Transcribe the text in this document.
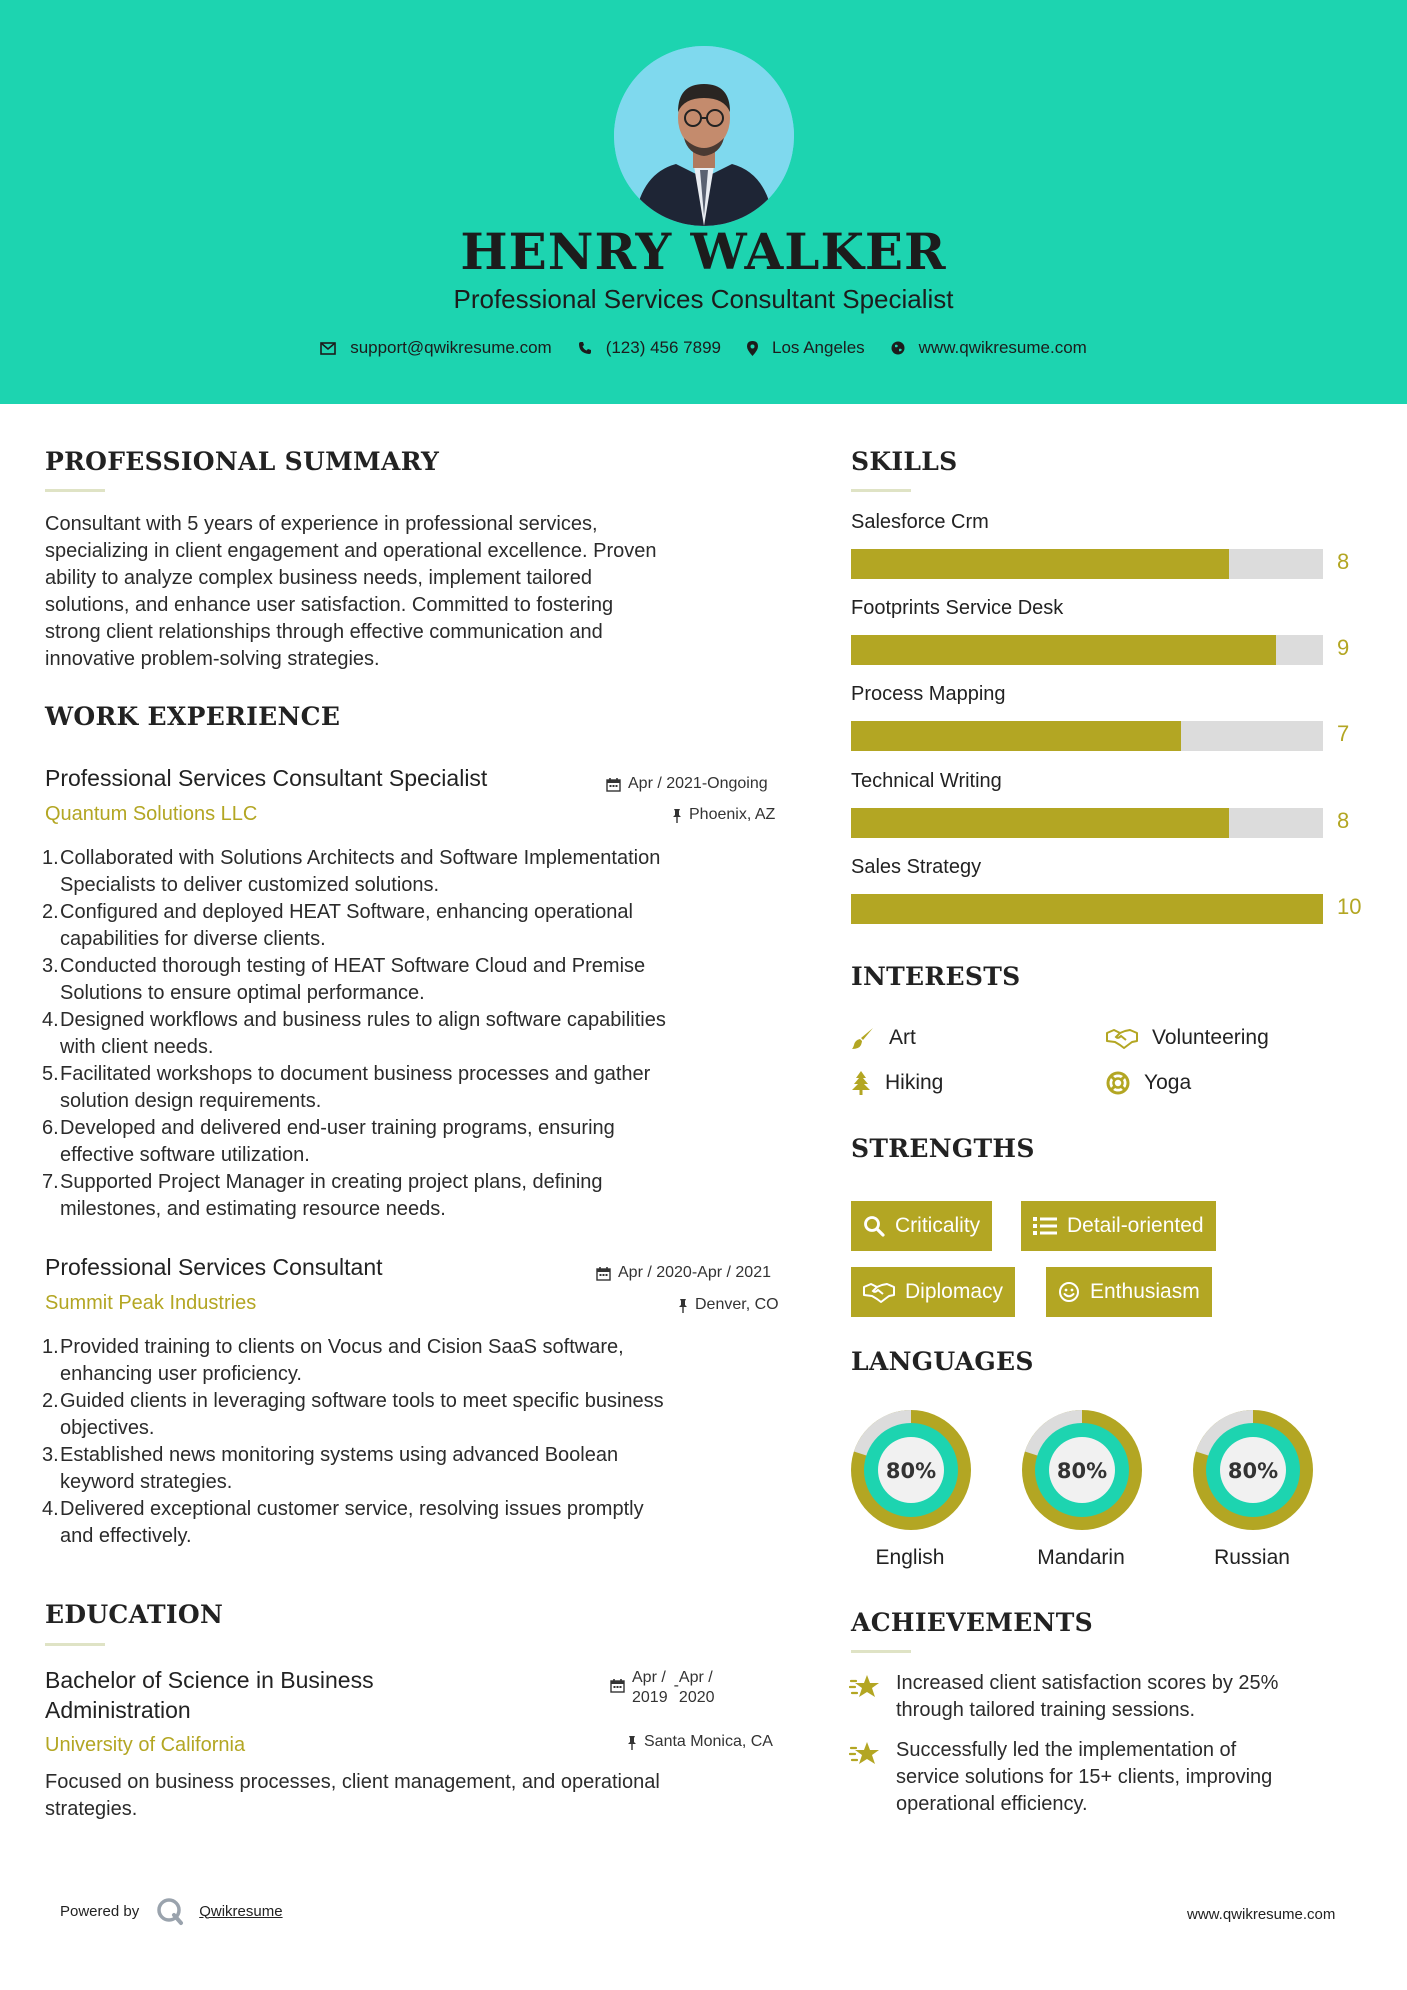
HENRY WALKER
Professional Services Consultant Specialist
support@qwikresume.com	(123) 456 7899	Los Angeles	www.qwikresume.com
PROFESSIONAL SUMMARY
Consultant with 5 years of experience in professional services,
specializing in client engagement and operational excellence. Proven
ability to analyze complex business needs, implement tailored
solutions, and enhance user satisfaction. Committed to fostering
strong client relationships through effective communication and
innovative problem-solving strategies.
WORK EXPERIENCE
Professional Services Consultant Specialist
Quantum Solutions LLC
Apr / 2021-Ongoing
Phoenix, AZ
1. Collaborated with Solutions Architects and Software Implementation
Specialists to deliver customized solutions.
2. Configured and deployed HEAT Software, enhancing operational
capabilities for diverse clients.
3. Conducted thorough testing of HEAT Software Cloud and Premise
Solutions to ensure optimal performance.
4. Designed workflows and business rules to align software capabilities
with client needs.
5. Facilitated workshops to document business processes and gather
solution design requirements.
6. Developed and delivered end-user training programs, ensuring
effective software utilization.
7. Supported Project Manager in creating project plans, defining
milestones, and estimating resource needs.
Professional Services Consultant
Summit Peak Industries
Apr / 2020-Apr / 2021
Denver, CO
1. Provided training to clients on Vocus and Cision SaaS software,
enhancing user proficiency.
2. Guided clients in leveraging software tools to meet specific business
objectives.
3. Established news monitoring systems using advanced Boolean
keyword strategies.
4. Delivered exceptional customer service, resolving issues promptly
and effectively.
EDUCATION
Bachelor of Science in Business
Administration
University of California
Apr /
2019
- Apr /
2020
Santa Monica, CA
Focused on business processes, client management, and operational
strategies.
SKILLS
Salesforce Crm
8
Footprints Service Desk
9
Process Mapping
7
Technical Writing
8
Sales Strategy
10
INTERESTS
Art	Volunteering
Hiking	Yoga
STRENGTHS
Criticality	Detail-oriented
Diplomacy	Enthusiasm
LANGUAGES
80%	80%	80%
English	Mandarin	Russian
ACHIEVEMENTS
Increased client satisfaction scores by 25%
through tailored training sessions.
Successfully led the implementation of
service solutions for 15+ clients, improving
operational efficiency.
Powered by	Qwikresume	www.qwikresume.com
